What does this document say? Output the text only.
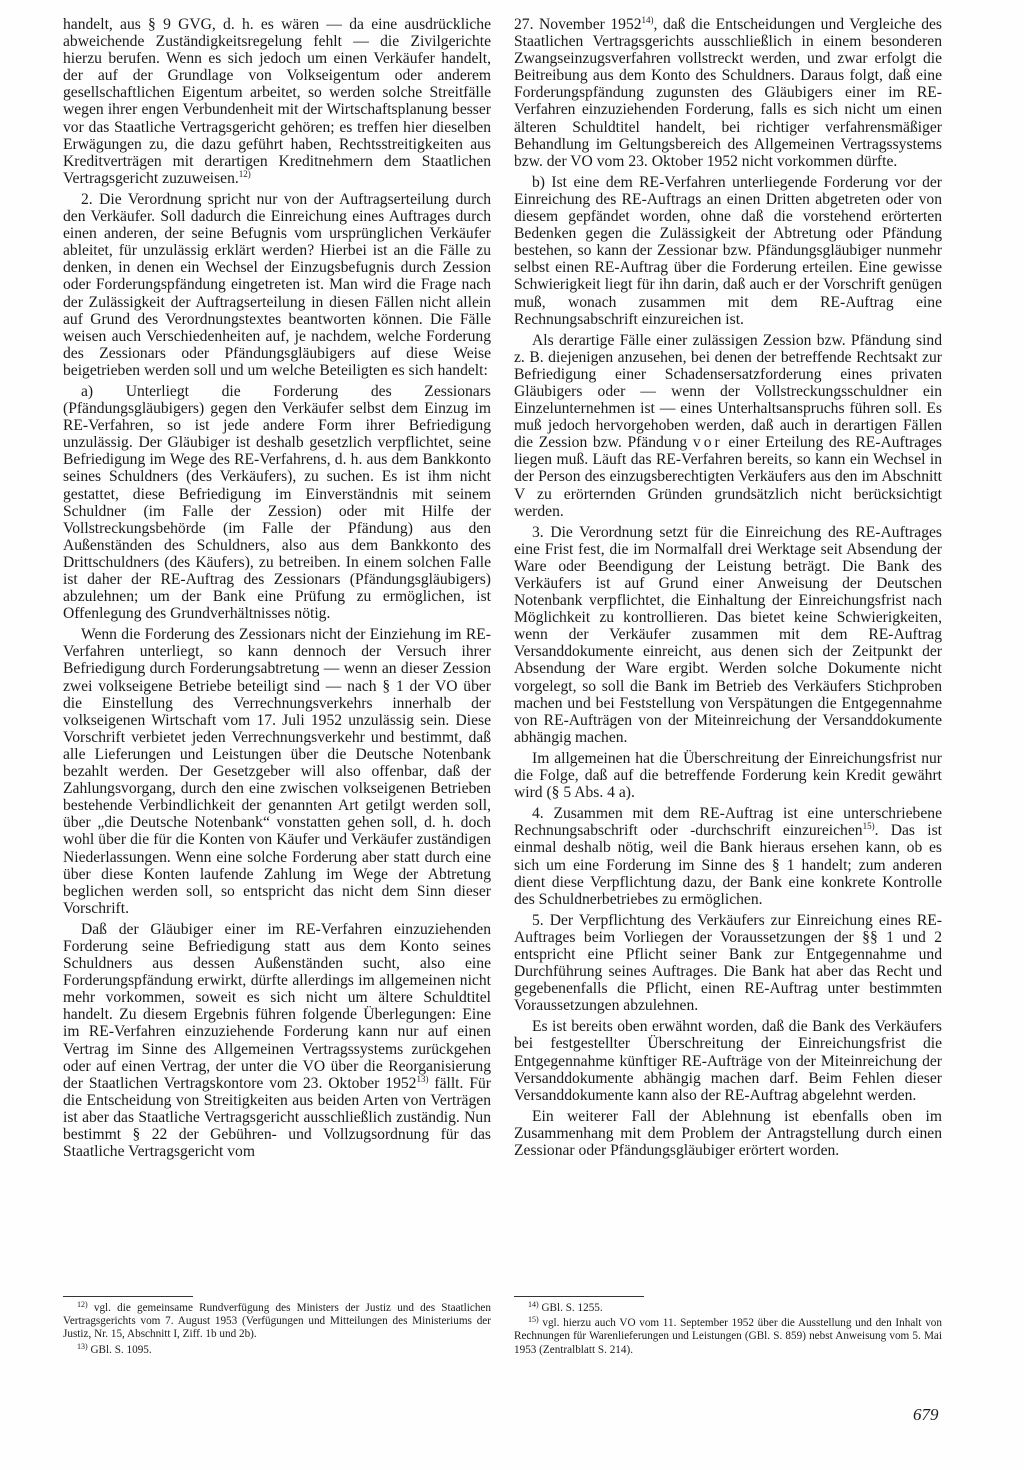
handelt, aus § 9 GVG, d. h. es wären — da eine ausdrückliche abweichende Zuständigkeitsregelung fehlt — die Zivilgerichte hierzu berufen. Wenn es sich jedoch um einen Verkäufer handelt, der auf der Grundlage von Volkseigentum oder anderem gesellschaftlichen Eigentum arbeitet, so werden solche Streitfälle wegen ihrer engen Verbundenheit mit der Wirtschaftsplanung besser vor das Staatliche Vertragsgericht gehören; es treffen hier dieselben Erwägungen zu, die dazu geführt haben, Rechtsstreitigkeiten aus Kreditverträgen mit derartigen Kreditnehmern dem Staatlichen Vertragsgericht zuzuweisen.$^{12)}$

2. Die Verordnung spricht nur von der Auftragserteilung durch den Verkäufer. Soll dadurch die Einreichung eines Auftrages durch einen anderen, der seine Befugnis vom ursprünglichen Verkäufer ableitet, für unzulässig erklärt werden? Hierbei ist an die Fälle zu denken, in denen ein Wechsel der Einzugsbefugnis durch Zession oder Forderungspfändung eingetreten ist. Man wird die Frage nach der Zulässigkeit der Auftragserteilung in diesen Fällen nicht allein auf Grund des Verordnungstextes beantworten können. Die Fälle weisen auch Verschiedenheiten auf, je nachdem, welche Forderung des Zessionars oder Pfändungsgläubigers auf diese Weise beigetrieben werden soll und um welche Beteiligten es sich handelt:

a) Unterliegt die Forderung des Zessionars (Pfändungsgläubigers) gegen den Verkäufer selbst dem Einzug im RE-Verfahren, so ist jede andere Form ihrer Befriedigung unzulässig. Der Gläubiger ist deshalb gesetzlich verpflichtet, seine Befriedigung im Wege des RE-Verfahrens, d. h. aus dem Bankkonto seines Schuldners (des Verkäufers), zu suchen. Es ist ihm nicht gestattet, diese Befriedigung im Einverständnis mit seinem Schuldner (im Falle der Zession) oder mit Hilfe der Vollstreckungsbehörde (im Falle der Pfändung) aus den Außenständen des Schuldners, also aus dem Bankkonto des Drittschuldners (des Käufers), zu betreiben. In einem solchen Falle ist daher der RE-Auftrag des Zessionars (Pfändungsgläubigers) abzulehnen; um der Bank eine Prüfung zu ermöglichen, ist Offenlegung des Grundverhältnisses nötig.

Wenn die Forderung des Zessionars nicht der Einziehung im RE-Verfahren unterliegt, so kann dennoch der Versuch ihrer Befriedigung durch Forderungsabtretung — wenn an dieser Zession zwei volkseigene Betriebe beteiligt sind — nach § 1 der VO über die Einstellung des Verrechnungsverkehrs innerhalb der volkseigenen Wirtschaft vom 17. Juli 1952 unzulässig sein. Diese Vorschrift verbietet jeden Verrechnungsverkehr und bestimmt, daß alle Lieferungen und Leistungen über die Deutsche Notenbank bezahlt werden. Der Gesetzgeber will also offenbar, daß der Zahlungsvorgang, durch den eine zwischen volkseigenen Betrieben bestehende Verbindlichkeit der genannten Art getilgt werden soll, über „die Deutsche Notenbank“ vonstatten gehen soll, d. h. doch wohl über die für die Konten von Käufer und Verkäufer zuständigen Niederlassungen. Wenn eine solche Forderung aber statt durch eine über diese Konten laufende Zahlung im Wege der Abtretung beglichen werden soll, so entspricht das nicht dem Sinn dieser Vorschrift.

Daß der Gläubiger einer im RE-Verfahren einzuziehenden Forderung seine Befriedigung statt aus dem Konto seines Schuldners aus dessen Außenständen sucht, also eine Forderungspfändung erwirkt, dürfte allerdings im allgemeinen nicht mehr vorkommen, soweit es sich nicht um ältere Schuldtitel handelt. Zu diesem Ergebnis führen folgende Überlegungen: Eine im RE-Verfahren einzuziehende Forderung kann nur auf einen Vertrag im Sinne des Allgemeinen Vertragssystems zurückgehen oder auf einen Vertrag, der unter die VO über die Reorganisierung der Staatlichen Vertragskontore vom 23. Oktober 1952$^{13)}$ fällt. Für die Entscheidung von Streitigkeiten aus beiden Arten von Verträgen ist aber das Staatliche Vertragsgericht ausschließlich zuständig. Nun bestimmt § 22 der Gebühren- und Vollzugsordnung für das Staatliche Vertragsgericht vom

27. November 1952$^{14)}$, daß die Entscheidungen und Vergleiche des Staatlichen Vertragsgerichts ausschließlich in einem besonderen Zwangseinzugsverfahren vollstreckt werden, und zwar erfolgt die Beitreibung aus dem Konto des Schuldners. Daraus folgt, daß eine Forderungspfändung zugunsten des Gläubigers einer im RE-Verfahren einzuziehenden Forderung, falls es sich nicht um einen älteren Schuldtitel handelt, bei richtiger verfahrensmäßiger Behandlung im Geltungsbereich des Allgemeinen Vertragssystems bzw. der VO vom 23. Oktober 1952 nicht vorkommen dürfte.

b) Ist eine dem RE-Verfahren unterliegende Forderung vor der Einreichung des RE-Auftrags an einen Dritten abgetreten oder von diesem gepfändet worden, ohne daß die vorstehend erörterten Bedenken gegen die Zulässigkeit der Abtretung oder Pfändung bestehen, so kann der Zessionar bzw. Pfändungsgläubiger nunmehr selbst einen RE-Auftrag über die Forderung erteilen. Eine gewisse Schwierigkeit liegt für ihn darin, daß auch er der Vorschrift genügen muß, wonach zusammen mit dem RE-Auftrag eine Rechnungsabschrift einzureichen ist.

Als derartige Fälle einer zulässigen Zession bzw. Pfändung sind z. B. diejenigen anzusehen, bei denen der betreffende Rechtsakt zur Befriedigung einer Schadensersatzforderung eines privaten Gläubigers oder — wenn der Vollstreckungsschuldner ein Einzelunternehmen ist — eines Unterhaltsanspruchs führen soll. Es muß jedoch hervorgehoben werden, daß auch in derartigen Fällen die Zession bzw. Pfändung vor einer Erteilung des RE-Auftrages liegen muß. Läuft das RE-Verfahren bereits, so kann ein Wechsel in der Person des einzugsberechtigten Verkäufers aus den im Abschnitt V zu erörternden Gründen grundsätzlich nicht berücksichtigt werden.

3. Die Verordnung setzt für die Einreichung des RE-Auftrages eine Frist fest, die im Normalfall drei Werktage seit Absendung der Ware oder Beendigung der Leistung beträgt. Die Bank des Verkäufers ist auf Grund einer Anweisung der Deutschen Notenbank verpflichtet, die Einhaltung der Einreichungsfrist nach Möglichkeit zu kontrollieren. Das bietet keine Schwierigkeiten, wenn der Verkäufer zusammen mit dem RE-Auftrag Versanddokumente einreicht, aus denen sich der Zeitpunkt der Absendung der Ware ergibt. Werden solche Dokumente nicht vorgelegt, so soll die Bank im Betrieb des Verkäufers Stichproben machen und bei Feststellung von Verspätungen die Entgegennahme von RE-Aufträgen von der Miteinreichung der Versanddokumente abhängig machen.

Im allgemeinen hat die Überschreitung der Einreichungsfrist nur die Folge, daß auf die betreffende Forderung kein Kredit gewährt wird (§ 5 Abs. 4 a).

4. Zusammen mit dem RE-Auftrag ist eine unterschriebene Rechnungsabschrift oder -durchschrift einzureichen$^{15)}$. Das ist einmal deshalb nötig, weil die Bank hieraus ersehen kann, ob es sich um eine Forderung im Sinne des § 1 handelt; zum anderen dient diese Verpflichtung dazu, der Bank eine konkrete Kontrolle des Schuldnerbetriebes zu ermöglichen.

5. Der Verpflichtung des Verkäufers zur Einreichung eines RE-Auftrages beim Vorliegen der Voraussetzungen der §§ 1 und 2 entspricht eine Pflicht seiner Bank zur Entgegennahme und Durchführung seines Auftrages. Die Bank hat aber das Recht und gegebenenfalls die Pflicht, einen RE-Auftrag unter bestimmten Voraussetzungen abzulehnen.

Es ist bereits oben erwähnt worden, daß die Bank des Verkäufers bei festgestellter Überschreitung der Einreichungsfrist die Entgegennahme künftiger RE-Aufträge von der Miteinreichung der Versanddokumente abhängig machen darf. Beim Fehlen dieser Versanddokumente kann also der RE-Auftrag abgelehnt werden.

Ein weiterer Fall der Ablehnung ist ebenfalls oben im Zusammenhang mit dem Problem der Antragstellung durch einen Zessionar oder Pfändungsgläubiger erörtert worden.

$^{12)}$ vgl. die gemeinsame Rundverfügung des Ministers der Justiz und des Staatlichen Vertragsgerichts vom 7. August 1953 (Verfügungen und Mitteilungen des Ministeriums der Justiz, Nr. 15, Abschnitt I, Ziff. 1b und 2b).

$^{13)}$ GBl. S. 1095.

$^{14)}$ GBl. S. 1255.

$^{15)}$ vgl. hierzu auch VO vom 11. September 1952 über die Ausstellung und den Inhalt von Rechnungen für Warenlieferungen und Leistungen (GBl. S. 859) nebst Anweisung vom 5. Mai 1953 (Zentralblatt S. 214).

679
